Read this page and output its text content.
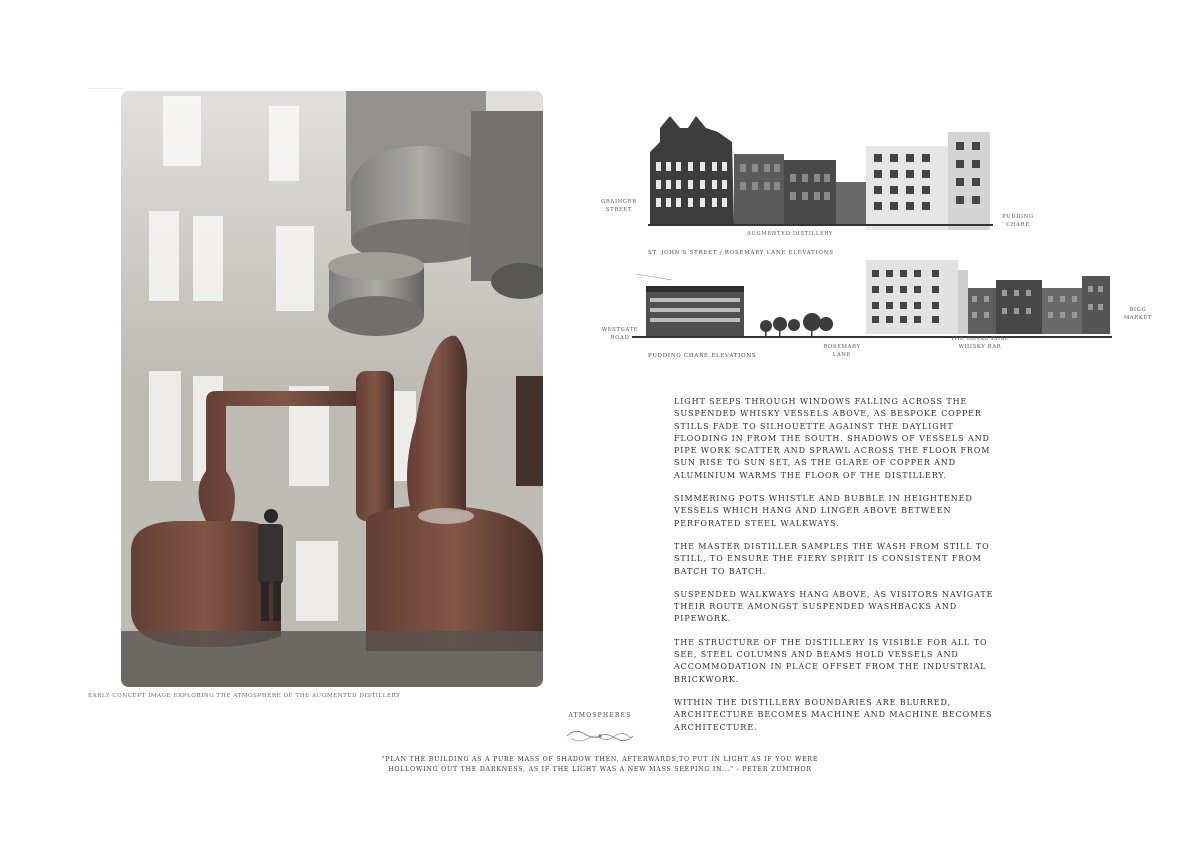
EARLY CONCEPT IMAGE EXPLORING THE ATMOSPHERE OF THE AUGMENTED DISTILLERY
GRAINGER
STREET
PUDDING
CHARE
AUGMENTED DISTILLERY
ST. JOHN'S STREET / ROSEMARY LANE ELEVATIONS
WESTGATE
ROAD
PUDDING CHARE ELEVATIONS
ROSEMARY
LANE
THE ROYAL ROSE
WHISKY BAR
BIGG
MARKET

LIGHT SEEPS THROUGH WINDOWS FALLING ACROSS THE SUSPENDED WHISKY VESSELS ABOVE, AS BESPOKE COPPER STILLS FADE TO SILHOUETTE AGAINST THE DAYLIGHT FLOODING IN FROM THE SOUTH. SHADOWS OF VESSELS AND PIPE WORK SCATTER AND SPRAWL ACROSS THE FLOOR FROM SUN RISE TO SUN SET, AS THE GLARE OF COPPER AND ALUMINIUM WARMS THE FLOOR OF THE DISTILLERY.

SIMMERING POTS WHISTLE AND BUBBLE IN HEIGHTENED VESSELS WHICH HANG AND LINGER ABOVE BETWEEN PERFORATED STEEL WALKWAYS.

THE MASTER DISTILLER SAMPLES THE WASH FROM STILL TO STILL, TO ENSURE THE FIERY SPIRIT IS CONSISTENT FROM BATCH TO BATCH.

SUSPENDED WALKWAYS HANG ABOVE, AS VISITORS NAVIGATE THEIR ROUTE AMONGST SUSPENDED WASHBACKS AND PIPEWORK.

THE STRUCTURE OF THE DISTILLERY IS VISIBLE FOR ALL TO SEE, STEEL COLUMNS AND BEAMS HOLD VESSELS AND ACCOMMODATION IN PLACE OFFSET FROM THE INDUSTRIAL BRICKWORK.

WITHIN THE DISTILLERY BOUNDARIES ARE BLURRED, ARCHITECTURE BECOMES MACHINE AND MACHINE BECOMES ARCHITECTURE.

ATMOSPHERES
"PLAN THE BUILDING AS A PURE MASS OF SHADOW THEN, AFTERWARDS,TO PUT IN LIGHT AS IF YOU WERE
HOLLOWING OUT THE DARKNESS, AS IF THE LIGHT WAS A NEW MASS SEEPING IN..." - PETER ZUMTHOR
